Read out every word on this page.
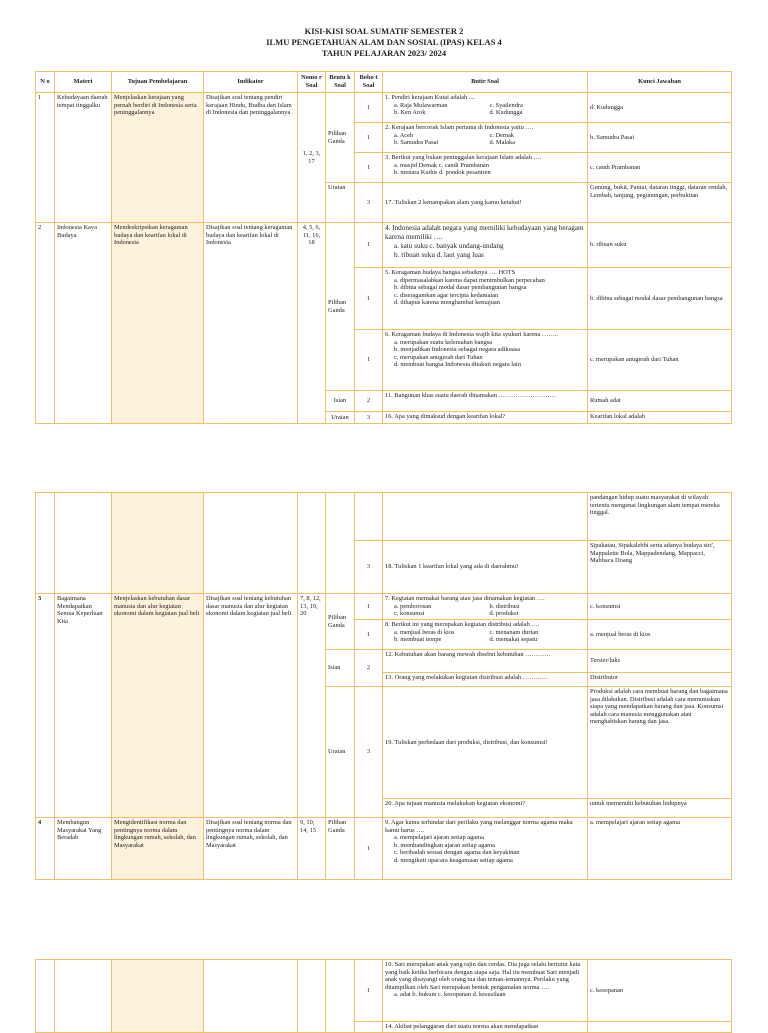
KISI-KISI SOAL SUMATIF SEMESTER 2
ILMU PENGETAHUAN ALAM DAN SOSIAL (IPAS) KELAS 4
TAHUN PELAJARAN 2023/ 2024
N o	Materi	Tujuan Pembelajaran	Indikator	Nomo r Soal	Bentu k Soal	Bobo t Soal	Butir Soal	Kunci Jawaban
1	Kebudayaan daerah tempat tinggalku	Menjelaskan kerajaan yang pernah berdiri di Indonesia serta peninggalannya	Disajikan soal tentang pendiri kerajaan Hindu, Budha dan Islam di Indonesia dan peninggalannya	1, 2, 3, 17	Pilihan Ganda	1	1. Pendiri kerajaan Kutai adalah ....
a. Raja Mulawarman c. Syailendra
b. Ken Arok d. Kudungga	d. Kudungga
						1	2. Kerajaan bercorak Islam pertama di Indonesia yaitu ….
a. Aceh c. Demak
b. Samudra Pasai d. Malaka	b. Samudra Pasai
						1	3. Berikut yang bukan peninggalan kerajaan Islam adalah ….
a. masjid Demak c. candi Prambanan
b. menara Kudus d. pondok pesantren	c. candi Prambanan
					Uraian	3	17. Tuliskan 2 kenampakan alam yang kamu ketahui!	Gunung, bukit, Pantai, dataran tinggi, dataran rendah, Lembah, tanjung, pegunungan, perbukitan
2	Indonesia Kaya Budaya	Mendeskripsikan keragaman budaya dan kearifan lokal di Indonesia	Disajikan soal tentang keragaman budaya dan kearifan lokal di Indonesia	4, 5, 6, 11, 16, 18	Pilihan Ganda	1	4. Indonesia adalah negara yang memiliki kebudayaan yang beragam karena memiliki ….
a. satu suku c. banyak undang-undang
b. ribuan suku d. laut yang luas	b. ribuan suku
						1	5. Keragaman budaya bangsa sebaiknya …. HOTS
a. dipermasalahkan karena dapat menimbulkan perpecahan
b. dibina sebagai modal dasar pembangunan bangsa
c. diseragamkan agar tercipta kedamaian
d. dihapus karena menghambat kemajuan	b. dibina sebagai modal dasar pembangunan bangsa
						1	6. Keragaman budaya di Indonesia wajib kita syukuri karena ……..
a. merupakan suatu kelemahan bangsa
b. menjadikan Indonesia sebagai negara adikuasa
c. merupakan anugerah dari Tuhan
d. membuat bangsa Indonesia ditakuti negara lain	c. merupakan anugerah dari Tuhan
					Isian	2	11. Bangunan khas suatu daerah dinamakan ………………………	Rumah adat
					Uraian	3	16. Apa yang dimaksud dengan kearifan lokal?	Kearifan lokal adalah
								pandangan hidup suatu masyarakat di wilayah tertentu mengenai lingkungan alam tempat mereka tinggal.
						3	18. Tuliskan 1 kearifan lokal yang ada di daerahmu!	Sipakatau, Sipakalebbi serta adanya budaya siri', Mappalette Bola, Mappadendang, Mappacci, Mabbaca Doang
3	Bagaimana Mendapatkan Semua Keperluan Kita	Menjelaskan kebutuhan dasar manusia dan alur kegiatan ekonomi dalam kegiatan jual beli	Disajikan soal tentang kebutuhan dasar manusia dan alur kegiatan ekonomi dalam kegiatan jual beli	7, 8, 12, 13, 19, 20	Pilihan Ganda	1	7. Kegiatan memakai barang atau jasa dinamakan kegiatan ….
a. pemborosan b. distribusi
c. konsumsi d. produksi	c. konsumsi
						1	8. Berikut ini yang merupakan kegiatan distribusi adalah ….
a. menjual beras di kios c. menanam durian
b. membuat tempe d. memakai sepatu	a. menjual beras di kios
					Isian	2	12. Kebutuhan akan barang mewah disebut kebutuhan …………	Tersier/luks
							13. Orang yang melakukan kegiatan distribusi adalah …………	Distributor
					Uraian	3	19. Tuliskan perbedaan dari produksi, distribusi, dan konsumsi!	Produksi adalah cara membuat barang dan bagaimana jasa dilakukan. Distribusi adalah cara memutuskan siapa yang mendapatkan barang dan jasa. Konsumsi adalah cara manusia menggunakan atau menghabiskan barang dan jasa.
							20. Apa tujuan manusia melakukan kegiatan ekonomi?	untuk memenuhi kebutuhan hidupnya
4	Membangun Masyarakat Yang Beradab	Mengidentifikasi norma dan pentingnya norma dalam lingkungan rumah, sekolah, dan Masyarakat	Disajikan soal tentang norma dan pentingnya norma dalam lingkungan rumah, sekolah, dan Masyarakat	9, 10, 14, 15	Pilihan Ganda	1	9. Agar kamu terhindar dari perilaku yang melanggar norma agama maka kamu harus ….
a. mempelajari ajaran setiap agama
b. membandingkan ajaran setiap agama
c. beribadah sesuai dengan agama dan keyakinan
d. mengikuti upacara keagamaan setiap agama	a. mempelajari ajaran setiap agama
						1	10. Sari merupakan anak yang rajin dan cerdas. Dia juga selalu bertutur kata yang baik ketika berbicara dengan siapa saja. Hal itu membuat Sari menjadi anak yang disayangi oleh orang tua dan teman-temannya. Perilaku yang ditampilkan oleh Sari merupakan bentuk pengamalan norma ….
a. adat b. hukum c. kesopanan d. kesusilaan	c. kesopanan
							14. Akibat pelanggaran dari suatu norma akan mendapatkan	
